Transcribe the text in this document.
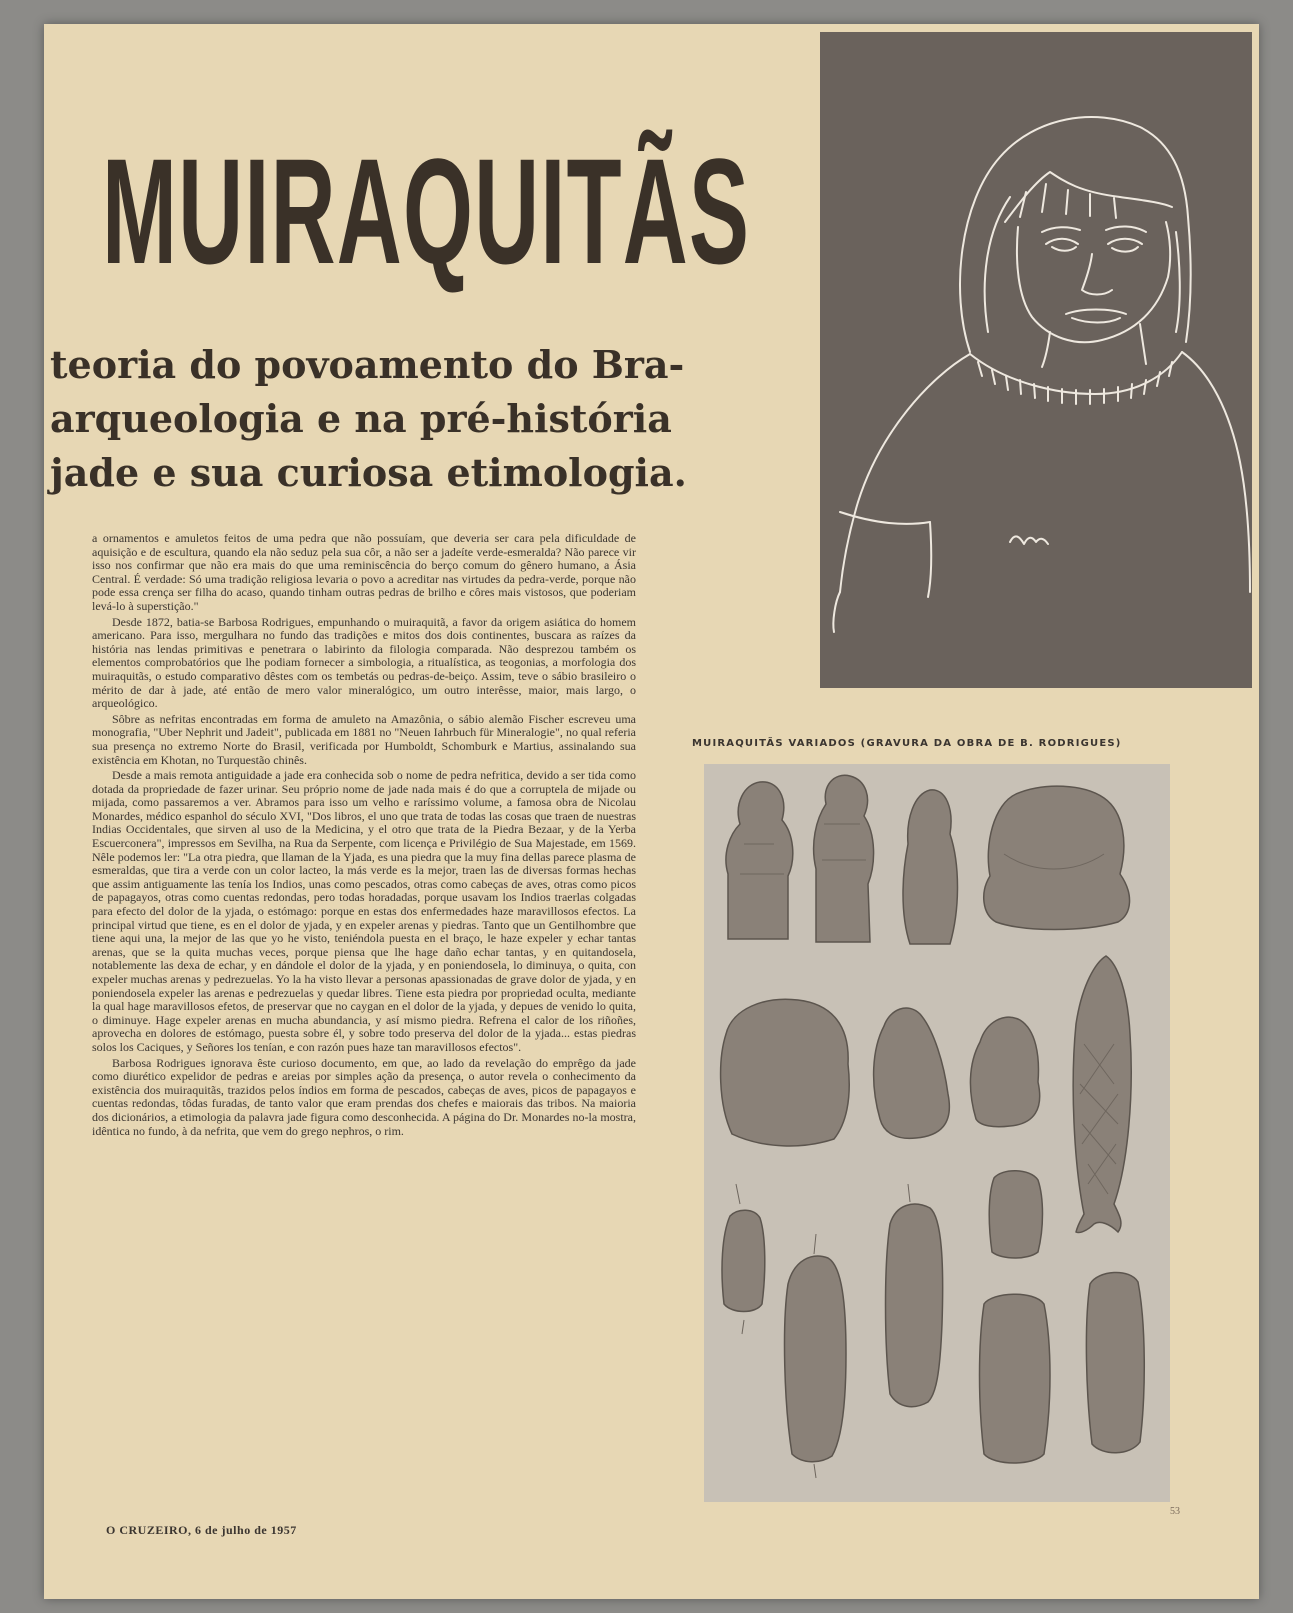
MUIRAQUITÃS
teoria do povoamento do Bra-
arqueologia e na pré-história
jade e sua curiosa etimologia.

a ornamentos e amuletos feitos de uma pedra que não possuíam, que deveria ser cara pela dificuldade de aquisição e de escultura, quando ela não seduz pela sua côr, a não ser a jadeíte verde-esmeralda? Não parece vir isso nos confirmar que não era mais do que uma reminiscência do berço comum do gênero humano, a Ásia Central. É verdade: Só uma tradição religiosa levaria o povo a acreditar nas virtudes da pedra-verde, porque não pode essa crença ser filha do acaso, quando tinham outras pedras de brilho e côres mais vistosos, que poderiam levá-lo à superstição."

Desde 1872, batia-se Barbosa Rodrigues, empunhando o muiraquitã, a favor da origem asiática do homem americano. Para isso, mergulhara no fundo das tradições e mitos dos dois continentes, buscara as raízes da história nas lendas primitivas e penetrara o labirinto da filologia comparada. Não desprezou também os elementos comprobatórios que lhe podiam fornecer a simbologia, a ritualística, as teogonias, a morfologia dos muiraquitãs, o estudo comparativo dêstes com os tembetás ou pedras-de-beiço. Assim, teve o sábio brasileiro o mérito de dar à jade, até então de mero valor mineralógico, um outro interêsse, maior, mais largo, o arqueológico.

Sôbre as nefritas encontradas em forma de amuleto na Amazônia, o sábio alemão Fischer escreveu uma monografia, "Uber Nephrit und Jadeit", publicada em 1881 no "Neuen Iahrbuch für Mineralogie", no qual referia sua presença no extremo Norte do Brasil, verificada por Humboldt, Schomburk e Martius, assinalando sua existência em Khotan, no Turquestão chinês.

Desde a mais remota antiguidade a jade era conhecida sob o nome de pedra nefritica, devido a ser tida como dotada da propriedade de fazer urinar. Seu próprio nome de jade nada mais é do que a corruptela de mijade ou mijada, como passaremos a ver. Abramos para isso um velho e raríssimo volume, a famosa obra de Nicolau Monardes, médico espanhol do século XVI, "Dos libros, el uno que trata de todas las cosas que traen de nuestras Indias Occidentales, que sirven al uso de la Medicina, y el otro que trata de la Piedra Bezaar, y de la Yerba Escuerconera", impressos em Sevilha, na Rua da Serpente, com licença e Privilégio de Sua Majestade, em 1569. Nêle podemos ler: "La otra piedra, que llaman de la Yjada, es una piedra que la muy fina dellas parece plasma de esmeraldas, que tira a verde con un color lacteo, la más verde es la mejor, traen las de diversas formas hechas que assim antiguamente las tenía los Indios, unas como pescados, otras como cabeças de aves, otras como picos de papagayos, otras como cuentas redondas, pero todas horadadas, porque usavam los Indios traerlas colgadas para efecto del dolor de la yjada, o estómago: porque en estas dos enfermedades haze maravillosos efectos. La principal virtud que tiene, es en el dolor de yjada, y en expeler arenas y piedras. Tanto que un Gentilhombre que tiene aqui una, la mejor de las que yo he visto, teniéndola puesta en el braço, le haze expeler y echar tantas arenas, que se la quita muchas veces, porque piensa que lhe hage daño echar tantas, y en quitandosela, notablemente las dexa de echar, y en dándole el dolor de la yjada, y en poniendosela, lo diminuya, o quita, con expeler muchas arenas y pedrezuelas. Yo la ha visto llevar a personas apassionadas de grave dolor de yjada, y en poniendosela expeler las arenas e pedrezuelas y quedar libres. Tiene esta piedra por propriedad oculta, mediante la qual hage maravillosos efetos, de preservar que no caygan en el dolor de la yjada, y depues de venido lo quita, o diminuye. Hage expeler arenas en mucha abundancia, y así mismo piedra. Refrena el calor de los riñoñes, aprovecha en dolores de estómago, puesta sobre él, y sobre todo preserva del dolor de la yjada... estas piedras solos los Caciques, y Señores los tenían, e con razón pues haze tan maravillosos efectos".

Barbosa Rodrigues ignorava êste curioso documento, em que, ao lado da revelação do emprêgo da jade como diurético expelidor de pedras e areias por simples ação da presença, o autor revela o conhecimento da existência dos muiraquitãs, trazidos pelos índios em forma de pescados, cabeças de aves, picos de papagayos e cuentas redondas, tôdas furadas, de tanto valor que eram prendas dos chefes e maiorais das tribos. Na maioria dos dicionários, a etimologia da palavra jade figura como desconhecida. A página do Dr. Monardes no-la mostra, idêntica no fundo, à da nefrita, que vem do grego nephros, o rim.

O CRUZEIRO, 6 de julho de 1957
MUIRAQUITÃS VARIADOS (GRAVURA DA OBRA DE B. RODRIGUES)
53
